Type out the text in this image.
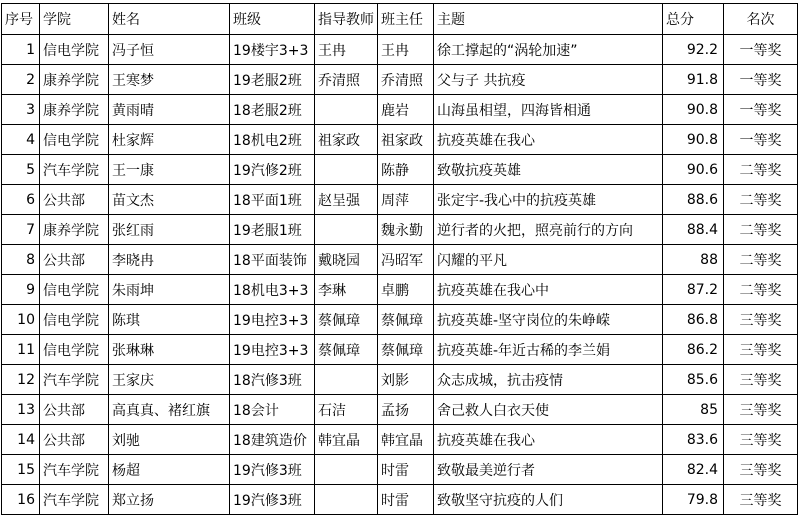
序号	学院	姓名	班级	指导教师	班主任	主题	总分	名次
1	信电学院	冯子恒	19楼宇3+3	王冉	王冉	徐工撑起的“涡轮加速”	92.2	一等奖
2	康养学院	王寒梦	19老服2班	乔清照	乔清照	父与子 共抗疫	91.8	一等奖
3	康养学院	黄雨晴	18老服2班		鹿岩	山海虽相望，四海皆相通	90.8	一等奖
4	信电学院	杜家辉	18机电2班	祖家政	祖家政	抗疫英雄在我心	90.8	一等奖
5	汽车学院	王一康	19汽修2班		陈静	致敬抗疫英雄	90.6	二等奖
6	公共部	苗文杰	18平面1班	赵呈强	周萍	张定宇-我心中的抗疫英雄	88.6	二等奖
7	康养学院	张红雨	19老服1班		魏永勤	逆行者的火把，照亮前行的方向	88.4	二等奖
8	公共部	李晓冉	18平面装饰	戴晓园	冯昭军	闪耀的平凡	88	二等奖
9	信电学院	朱雨坤	18机电3+3	李琳	卓鹏	抗疫英雄在我心中	87.2	二等奖
10	信电学院	陈琪	19电控3+3	蔡佩璋	蔡佩璋	抗疫英雄-坚守岗位的朱峥嵘	86.8	三等奖
11	信电学院	张琳琳	19电控3+3	蔡佩璋	蔡佩璋	抗疫英雄-年近古稀的李兰娟	86.2	三等奖
12	汽车学院	王家庆	18汽修3班		刘影	众志成城，抗击疫情	85.6	三等奖
13	公共部	高真真、褚红旗	18会计	石洁	孟扬	舍己救人白衣天使	85	三等奖
14	公共部	刘驰	18建筑造价	韩宜晶	韩宜晶	抗疫英雄在我心	83.6	三等奖
15	汽车学院	杨超	19汽修3班		时雷	致敬最美逆行者	82.4	三等奖
16	汽车学院	郑立扬	19汽修3班		时雷	致敬坚守抗疫的人们	79.8	三等奖
